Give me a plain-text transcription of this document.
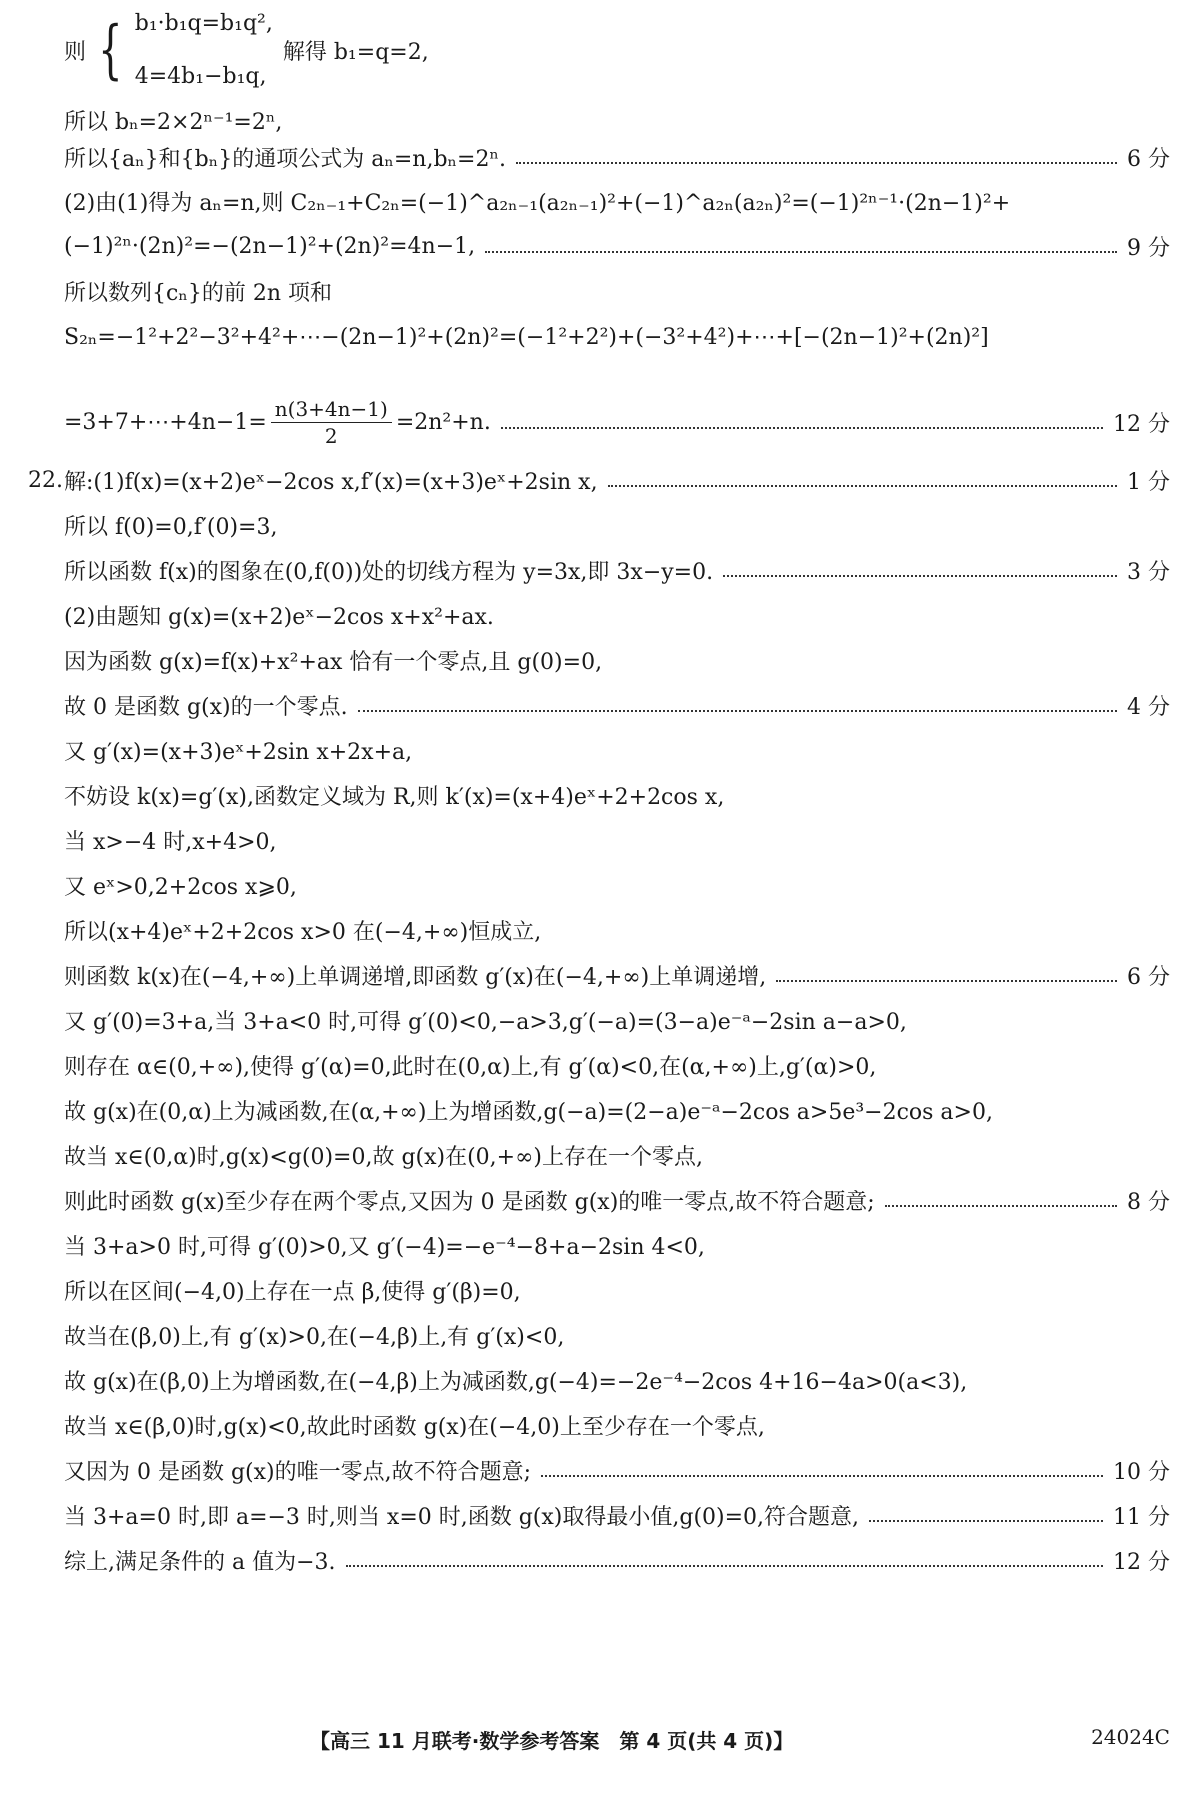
则 { b₁·b₁q=b₁q²,
4=4b₁−b₁q,
解得 b₁=q=2,
所以 bₙ=2×2ⁿ⁻¹=2ⁿ,
所以{aₙ}和{bₙ}的通项公式为 aₙ=n,bₙ=2ⁿ.	6 分
(2)由(1)得为 aₙ=n,则 C₂ₙ₋₁+C₂ₙ=(−1)^a₂ₙ₋₁(a₂ₙ₋₁)²+(−1)^a₂ₙ(a₂ₙ)²=(−1)²ⁿ⁻¹·(2n−1)²+
(−1)²ⁿ·(2n)²=−(2n−1)²+(2n)²=4n−1,	9 分
所以数列{cₙ}的前 2n 项和
S₂ₙ=−1²+2²−3²+4²+⋯−(2n−1)²+(2n)²=(−1²+2²)+(−3²+4²)+⋯+[−(2n−1)²+(2n)²]
=3+7+⋯+4n−1= $\frac{n(3+4n-1)}{2} =2n^2+n$.	12 分
22. 解:(1)f(x)=(x+2)eˣ−2cos x,f′(x)=(x+3)eˣ+2sin x,	1 分
所以 f(0)=0,f′(0)=3,
所以函数 f(x)的图象在(0,f(0))处的切线方程为 y=3x,即 3x−y=0.	3 分
(2)由题知 g(x)=(x+2)eˣ−2cos x+x²+ax.
因为函数 g(x)=f(x)+x²+ax 恰有一个零点,且 g(0)=0,
故 0 是函数 g(x)的一个零点.	4 分
又 g′(x)=(x+3)eˣ+2sin x+2x+a,
不妨设 k(x)=g′(x),函数定义域为 R,则 k′(x)=(x+4)eˣ+2+2cos x,
当 x>−4 时,x+4>0,
又 eˣ>0,2+2cos x⩾0,
所以(x+4)eˣ+2+2cos x>0 在(−4,+∞)恒成立,
则函数 k(x)在(−4,+∞)上单调递增,即函数 g′(x)在(−4,+∞)上单调递增,	6 分
又 g′(0)=3+a,当 3+a<0 时,可得 g′(0)<0,−a>3,g′(−a)=(3−a)e⁻ᵃ−2sin a−a>0,
则存在 α∈(0,+∞),使得 g′(α)=0,此时在(0,α)上,有 g′(α)<0,在(α,+∞)上,g′(α)>0,
故 g(x)在(0,α)上为减函数,在(α,+∞)上为增函数,g(−a)=(2−a)e⁻ᵃ−2cos a>5e³−2cos a>0,
故当 x∈(0,α)时,g(x)<g(0)=0,故 g(x)在(0,+∞)上存在一个零点,
则此时函数 g(x)至少存在两个零点,又因为 0 是函数 g(x)的唯一零点,故不符合题意;	8 分
当 3+a>0 时,可得 g′(0)>0,又 g′(−4)=−e⁻⁴−8+a−2sin 4<0,
所以在区间(−4,0)上存在一点 β,使得 g′(β)=0,
故当在(β,0)上,有 g′(x)>0,在(−4,β)上,有 g′(x)<0,
故 g(x)在(β,0)上为增函数,在(−4,β)上为减函数,g(−4)=−2e⁻⁴−2cos 4+16−4a>0(a<3),
故当 x∈(β,0)时,g(x)<0,故此时函数 g(x)在(−4,0)上至少存在一个零点,
又因为 0 是函数 g(x)的唯一零点,故不符合题意;	10 分
当 3+a=0 时,即 a=−3 时,则当 x=0 时,函数 g(x)取得最小值,g(0)=0,符合题意,	11 分
综上,满足条件的 a 值为−3.	12 分
【高三 11 月联考·数学参考答案　第 4 页(共 4 页)】	24024C
